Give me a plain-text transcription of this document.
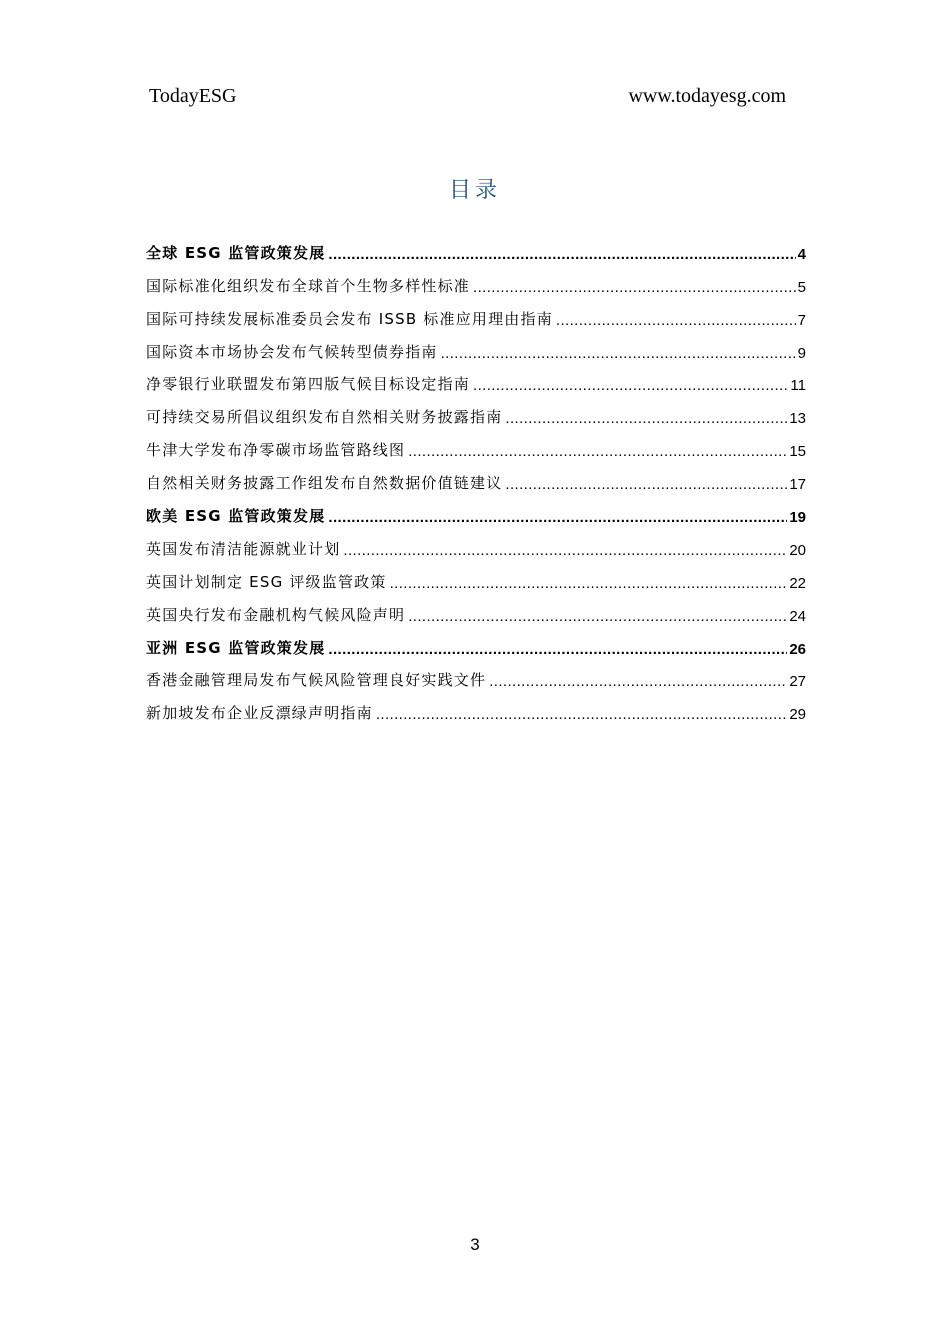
TodayESG	www.todayesg.com
目录
全球 ESG 监管政策发展 .....	4
国际标准化组织发布全球首个生物多样性标准 .....	5
国际可持续发展标准委员会发布 ISSB 标准应用理由指南 .....	7
国际资本市场协会发布气候转型债券指南 .....	9
净零银行业联盟发布第四版气候目标设定指南 .....	11
可持续交易所倡议组织发布自然相关财务披露指南 .....	13
牛津大学发布净零碳市场监管路线图 .....	15
自然相关财务披露工作组发布自然数据价值链建议 .....	17
欧美 ESG 监管政策发展 .....	19
英国发布清洁能源就业计划 .....	20
英国计划制定 ESG 评级监管政策 .....	22
英国央行发布金融机构气候风险声明 .....	24
亚洲 ESG 监管政策发展 .....	26
香港金融管理局发布气候风险管理良好实践文件 .....	27
新加坡发布企业反漂绿声明指南 .....	29
3
